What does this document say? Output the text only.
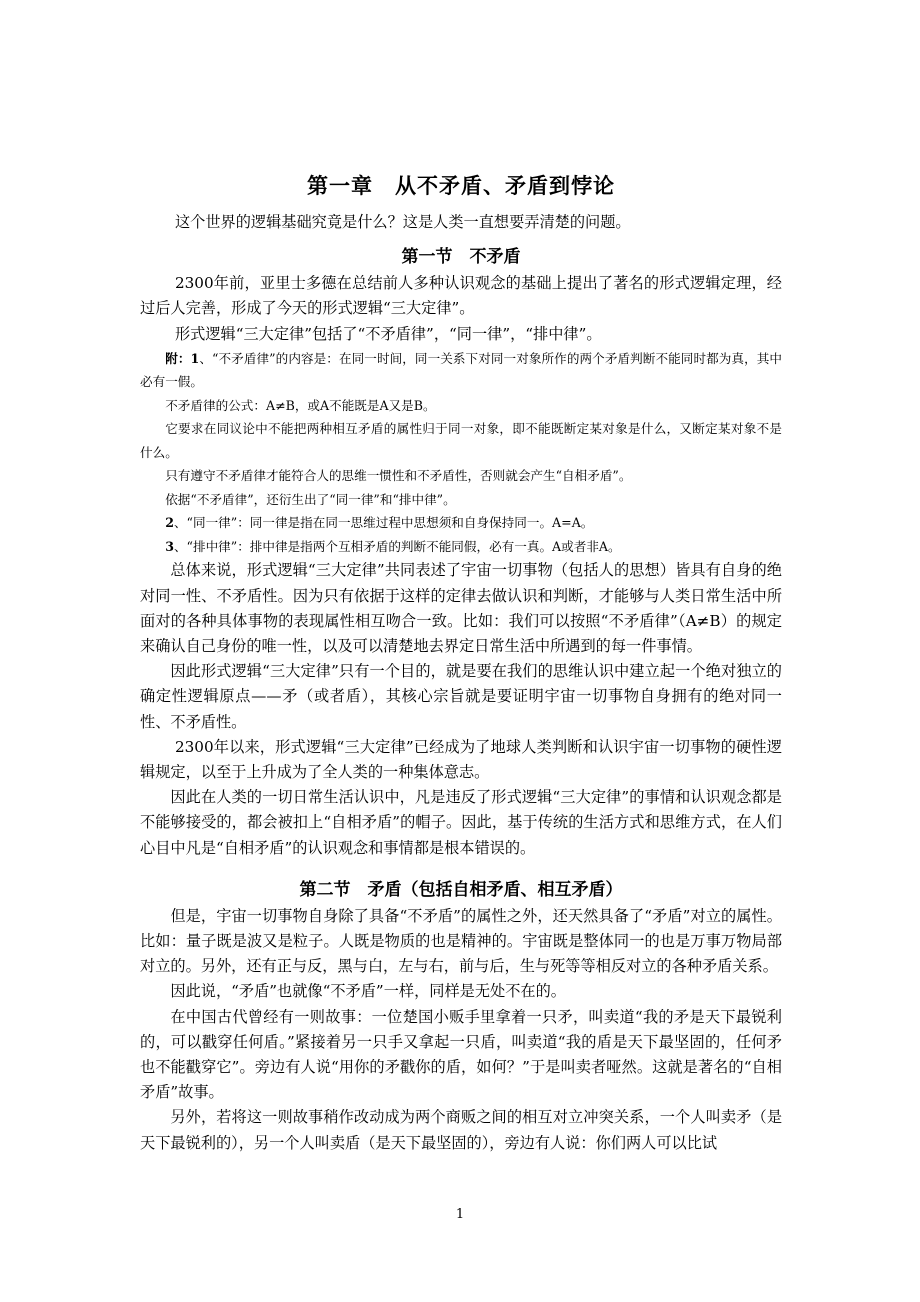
第一章　从不矛盾、矛盾到悖论

这个世界的逻辑基础究竟是什么？这是人类一直想要弄清楚的问题。

第一节　不矛盾

2300年前，亚里士多德在总结前人多种认识观念的基础上提出了著名的形式逻辑定理，经过后人完善，形成了今天的形式逻辑“三大定律”。

形式逻辑“三大定律”包括了“不矛盾律”，“同一律”，“排中律”。

附：1、“不矛盾律”的内容是：在同一时间，同一关系下对同一对象所作的两个矛盾判断不能同时都为真，其中必有一假。

不矛盾律的公式：A≠B，或A不能既是A又是B。

它要求在同议论中不能把两种相互矛盾的属性归于同一对象，即不能既断定某对象是什么，又断定某对象不是什么。

只有遵守不矛盾律才能符合人的思维一惯性和不矛盾性，否则就会产生“自相矛盾”。

依据“不矛盾律”，还衍生出了“同一律”和“排中律”。

2、“同一律”：同一律是指在同一思维过程中思想须和自身保持同一。A=A。

3、“排中律”：排中律是指两个互相矛盾的判断不能同假，必有一真。A或者非A。

总体来说，形式逻辑“三大定律”共同表述了宇宙一切事物（包括人的思想）皆具有自身的绝对同一性、不矛盾性。因为只有依据于这样的定律去做认识和判断，才能够与人类日常生活中所面对的各种具体事物的表现属性相互吻合一致。比如：我们可以按照“不矛盾律”（A≠B）的规定来确认自己身份的唯一性，以及可以清楚地去界定日常生活中所遇到的每一件事情。

因此形式逻辑“三大定律”只有一个目的，就是要在我们的思维认识中建立起一个绝对独立的确定性逻辑原点——矛（或者盾），其核心宗旨就是要证明宇宙一切事物自身拥有的绝对同一性、不矛盾性。

2300年以来，形式逻辑“三大定律”已经成为了地球人类判断和认识宇宙一切事物的硬性逻辑规定，以至于上升成为了全人类的一种集体意志。

因此在人类的一切日常生活认识中，凡是违反了形式逻辑“三大定律”的事情和认识观念都是不能够接受的，都会被扣上“自相矛盾”的帽子。因此，基于传统的生活方式和思维方式，在人们心目中凡是“自相矛盾”的认识观念和事情都是根本错误的。

第二节　矛盾（包括自相矛盾、相互矛盾）

但是，宇宙一切事物自身除了具备“不矛盾”的属性之外，还天然具备了“矛盾”对立的属性。比如：量子既是波又是粒子。人既是物质的也是精神的。宇宙既是整体同一的也是万事万物局部对立的。另外，还有正与反，黑与白，左与右，前与后，生与死等等相反对立的各种矛盾关系。

因此说，“矛盾”也就像“不矛盾”一样，同样是无处不在的。

在中国古代曾经有一则故事：一位楚国小贩手里拿着一只矛，叫卖道“我的矛是天下最锐利的，可以戳穿任何盾。”紧接着另一只手又拿起一只盾，叫卖道“我的盾是天下最坚固的，任何矛也不能戳穿它”。旁边有人说“用你的矛戳你的盾，如何？”于是叫卖者哑然。这就是著名的“自相矛盾”故事。

另外，若将这一则故事稍作改动成为两个商贩之间的相互对立冲突关系，一个人叫卖矛（是天下最锐利的），另一个人叫卖盾（是天下最坚固的），旁边有人说：你们两人可以比试

1
